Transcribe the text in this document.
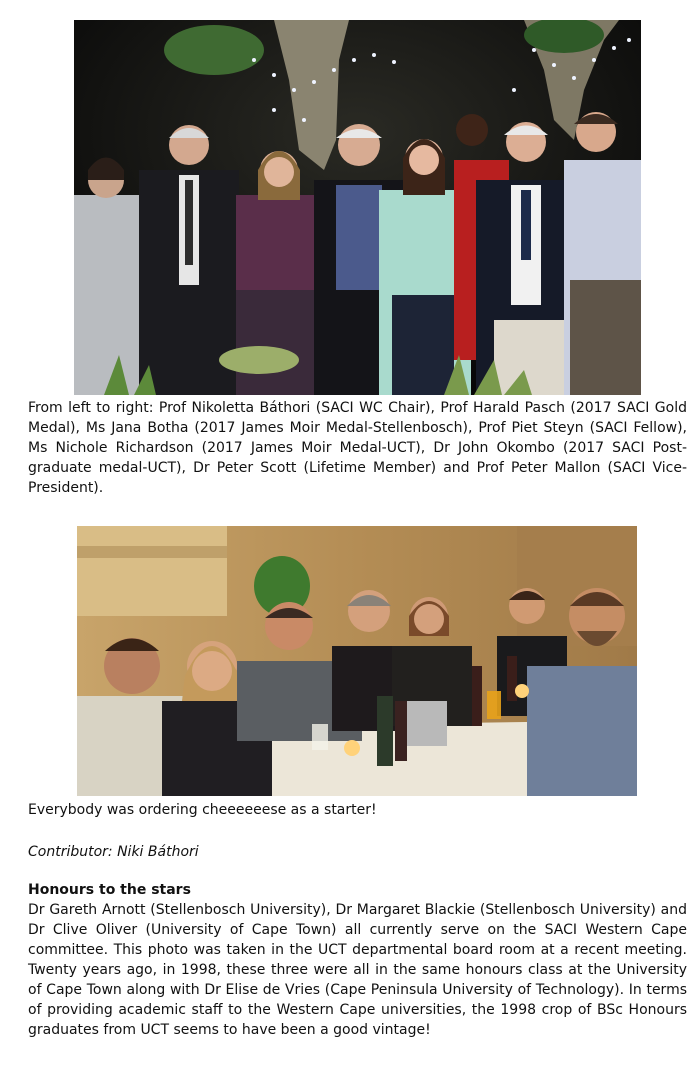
From left to right: Prof Nikoletta Báthori (SACI WC Chair), Prof Harald Pasch (2017 SACI Gold Medal), Ms Jana Botha (2017 James Moir Medal-Stellenbosch), Prof Piet Steyn (SACI Fellow), Ms Nichole Richardson (2017 James Moir Medal-UCT), Dr John Okombo (2017 SACI Post-graduate medal-UCT), Dr Peter Scott (Lifetime Member) and Prof Peter Mallon (SACI Vice-President).
Everybody was ordering cheeeeeese as a starter!
Contributor: Niki Báthori
Honours to the stars
Dr Gareth Arnott (Stellenbosch University), Dr Margaret Blackie (Stellenbosch University) and Dr Clive Oliver (University of Cape Town) all currently serve on the SACI Western Cape committee. This photo was taken in the UCT departmental board room at a recent meeting. Twenty years ago, in 1998, these three were all in the same honours class at the University of Cape Town along with Dr Elise de Vries (Cape Peninsula University of Technology). In terms of providing academic staff to the Western Cape universities, the 1998 crop of BSc Honours graduates from UCT seems to have been a good vintage!
